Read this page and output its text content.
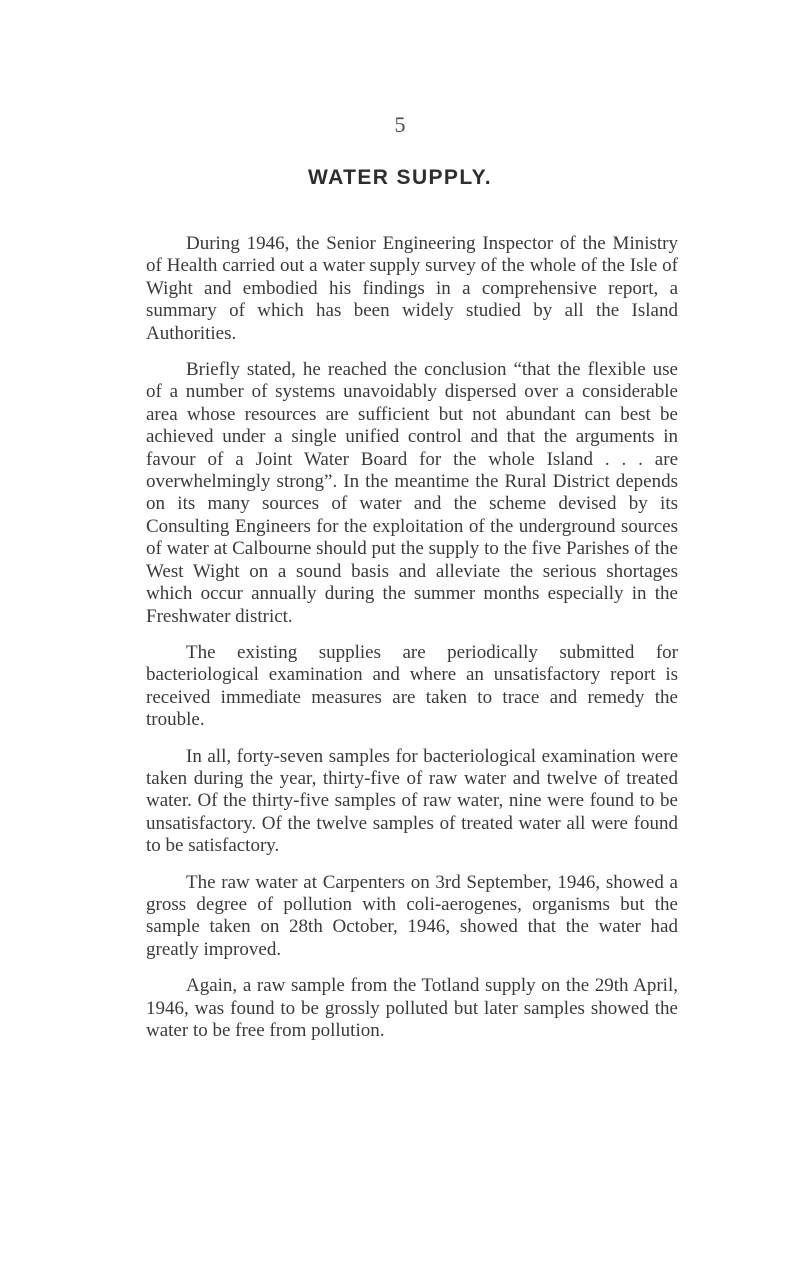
5
WATER SUPPLY.

During 1946, the Senior Engineering Inspector of the Ministry of Health carried out a water supply survey of the whole of the Isle of Wight and embodied his findings in a comprehensive report, a summary of which has been widely studied by all the Island Authorities.

Briefly stated, he reached the conclusion “that the flexible use of a number of systems unavoidably dispersed over a considerable area whose resources are sufficient but not abundant can best be achieved under a single unified control and that the arguments in favour of a Joint Water Board for the whole Island . . . are overwhelmingly strong”. In the meantime the Rural District depends on its many sources of water and the scheme devised by its Consulting Engineers for the exploitation of the underground sources of water at Calbourne should put the supply to the five Parishes of the West Wight on a sound basis and alleviate the serious shortages which occur annually during the summer months especially in the Freshwater district.

The existing supplies are periodically submitted for bacteriological examination and where an unsatisfactory report is received immediate measures are taken to trace and remedy the trouble.

In all, forty-seven samples for bacteriological examination were taken during the year, thirty-five of raw water and twelve of treated water. Of the thirty-five samples of raw water, nine were found to be unsatisfactory. Of the twelve samples of treated water all were found to be satisfactory.

The raw water at Carpenters on 3rd September, 1946, showed a gross degree of pollution with coli-aerogenes, organisms but the sample taken on 28th October, 1946, showed that the water had greatly improved.

Again, a raw sample from the Totland supply on the 29th April, 1946, was found to be grossly polluted but later samples showed the water to be free from pollution.
